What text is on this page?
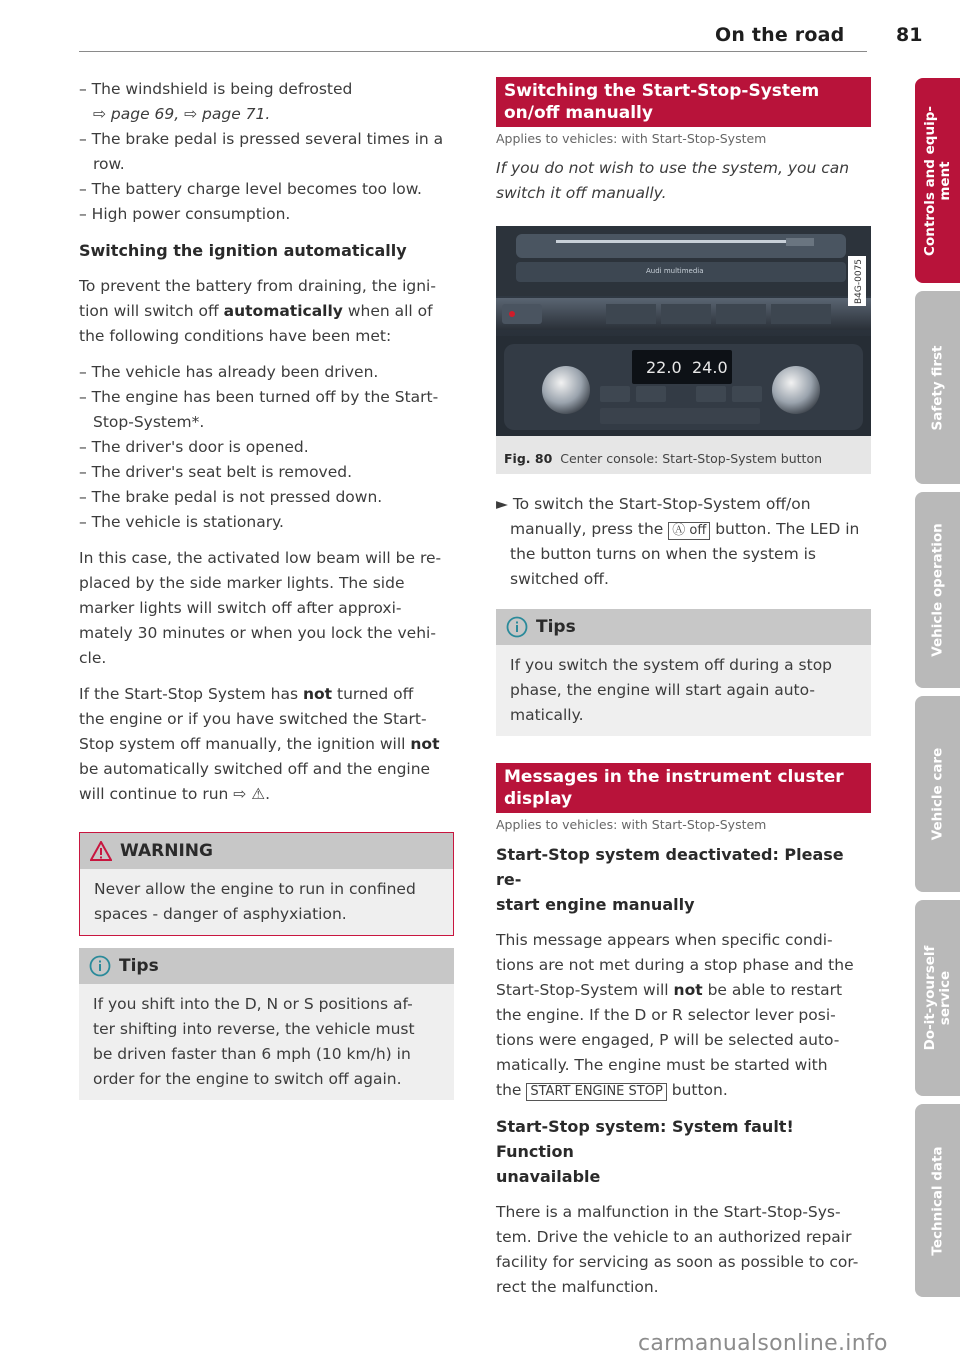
On the road	81

– The windshield is being defrosted

⇨ page 69, ⇨ page 71.

– The brake pedal is pressed several times in a

row.

– The battery charge level becomes too low.

– High power consumption.

Switching the ignition automatically

To prevent the battery from draining, the igni-

tion will switch off automatically when all of

the following conditions have been met:

– The vehicle has already been driven.

– The engine has been turned off by the Start-

Stop-System*.

– The driver's door is opened.

– The driver's seat belt is removed.

– The brake pedal is not pressed down.

– The vehicle is stationary.

In this case, the activated low beam will be re-

placed by the side marker lights. The side

marker lights will switch off after approxi-

mately 30 minutes or when you lock the vehi-

cle.

If the Start-Stop System has not turned off

the engine or if you have switched the Start-

Stop system off manually, the ignition will not

be automatically switched off and the engine

will continue to run ⇨ ⚠.

WARNING

Never allow the engine to run in confined

spaces - danger of asphyxiation.

Tips

If you shift into the D, N or S positions af-

ter shifting into reverse, the vehicle must

be driven faster than 6 mph (10 km/h) in

order for the engine to switch off again.

Switching the Start-Stop-System on/off manually

Applies to vehicles: with Start-Stop-System

If you do not wish to use the system, you can

switch it off manually.

22.0 24.0
B4G-0075
Audi multimedia
Fig. 80 Center console: Start-Stop-System button

► To switch the Start-Stop-System off/on

manually, press the Ⓐ off button. The LED in

the button turns on when the system is

switched off.

Tips

If you switch the system off during a stop

phase, the engine will start again auto-

matically.

Messages in the instrument cluster display

Applies to vehicles: with Start-Stop-System

Start-Stop system deactivated: Please re-

start engine manually

This message appears when specific condi-

tions are not met during a stop phase and the

Start-Stop-System will not be able to restart

the engine. If the D or R selector lever posi-

tions were engaged, P will be selected auto-

matically. The engine must be started with

the START ENGINE STOP button.

Start-Stop system: System fault! Function

unavailable

There is a malfunction in the Start-Stop-Sys-

tem. Drive the vehicle to an authorized repair

facility for servicing as soon as possible to cor-

rect the malfunction.

Controls and equip-
ment
Safety first
Vehicle operation
Vehicle care
Do-it-yourself
service
Technical data
carmanualsonline.info
